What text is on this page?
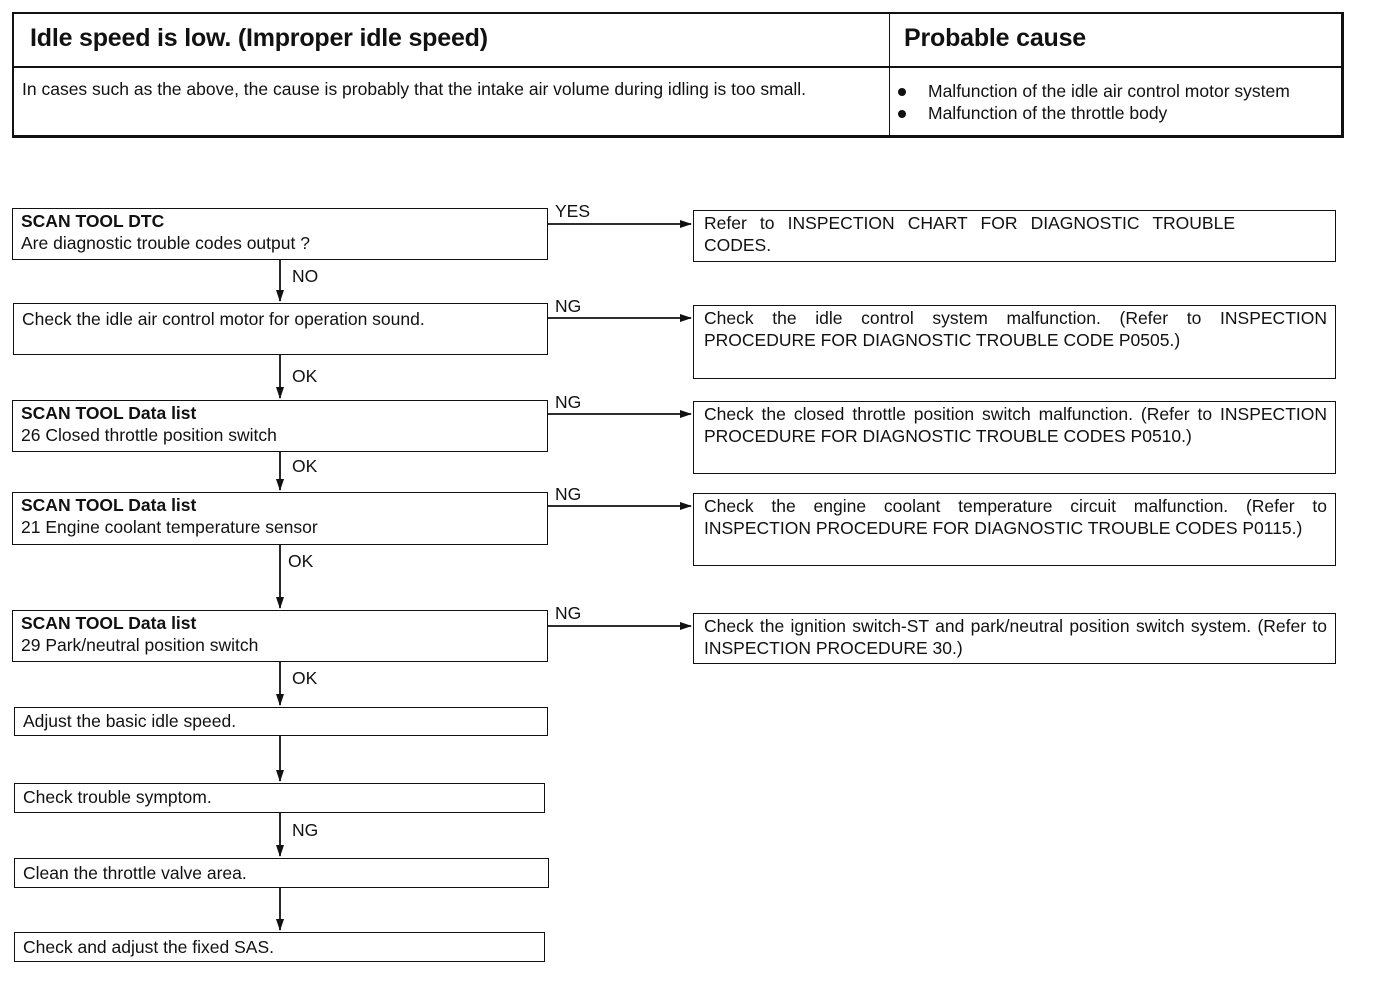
Idle speed is low. (Improper idle speed)	Probable cause
In cases such as the above, the cause is probably that the intake air volume during idling is too small.	Malfunction of the idle air control motor system
Malfunction of the throttle body
SCAN TOOL DTC
Are diagnostic trouble codes output ?
Check the idle air control motor for operation sound.
SCAN TOOL Data list
26 Closed throttle position switch
SCAN TOOL Data list
21 Engine coolant temperature sensor
SCAN TOOL Data list
29 Park/neutral position switch
Adjust the basic idle speed.
Check trouble symptom.
Clean the throttle valve area.
Check and adjust the fixed SAS.
NO
OK
OK
OK
OK
NG
YES
NG
NG
NG
NG
Refer to INSPECTION CHART FOR DIAGNOSTIC TROUBLE CODES.
Check the idle control system malfunction. (Refer to INSPECTION PROCEDURE FOR DIAGNOSTIC TROUBLE CODE P0505.)
Check the closed throttle position switch malfunction. (Refer to INSPECTION PROCEDURE FOR DIAGNOSTIC TROUBLE CODES P0510.)
Check the engine coolant temperature circuit malfunction. (Refer to INSPECTION PROCEDURE FOR DIAGNOSTIC TROUBLE CODES P0115.)
Check the ignition switch-ST and park/neutral position switch system. (Refer to INSPECTION PROCEDURE 30.)
